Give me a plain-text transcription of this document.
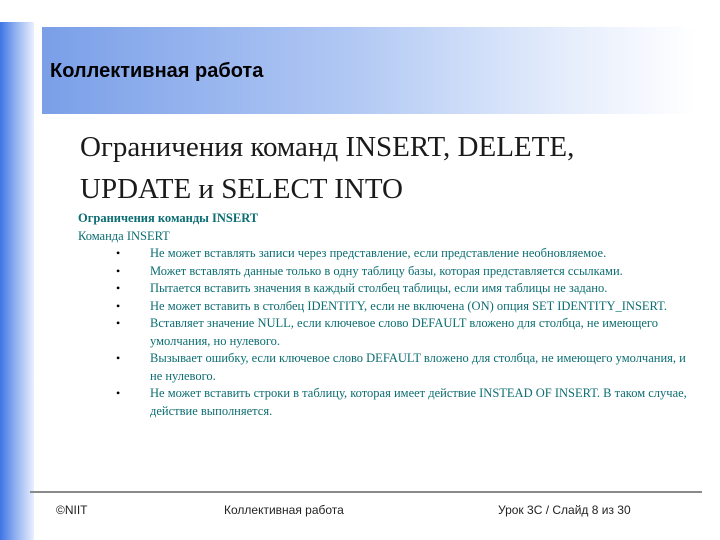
Коллективная работа
Ограничения команд INSERT, DELETE, UPDATE и SELECT INTO
Ограничения команды INSERT
Команда INSERT
• Не может вставлять записи через представление, если представление необновляемое.
• Может вставлять данные только в одну таблицу базы, которая представляется ссылками.
• Пытается вставить значения в каждый столбец таблицы, если имя таблицы не задано.
• Не может вставить в столбец IDENTITY, если не включена (ON) опция SET IDENTITY_INSERT.
• Вставляет значение NULL, если ключевое слово DEFAULT вложено для столбца, не имеющего умолчания, но нулевого.
• Вызывает ошибку, если ключевое слово DEFAULT вложено для столбца, не имеющего умолчания, и не нулевого.
• Не может вставить строки в таблицу, которая имеет действие INSTEAD OF INSERT. В таком случае, действие выполняется.
©NIIT	Коллективная работа	Урок 3C / Слайд 8 из 30
